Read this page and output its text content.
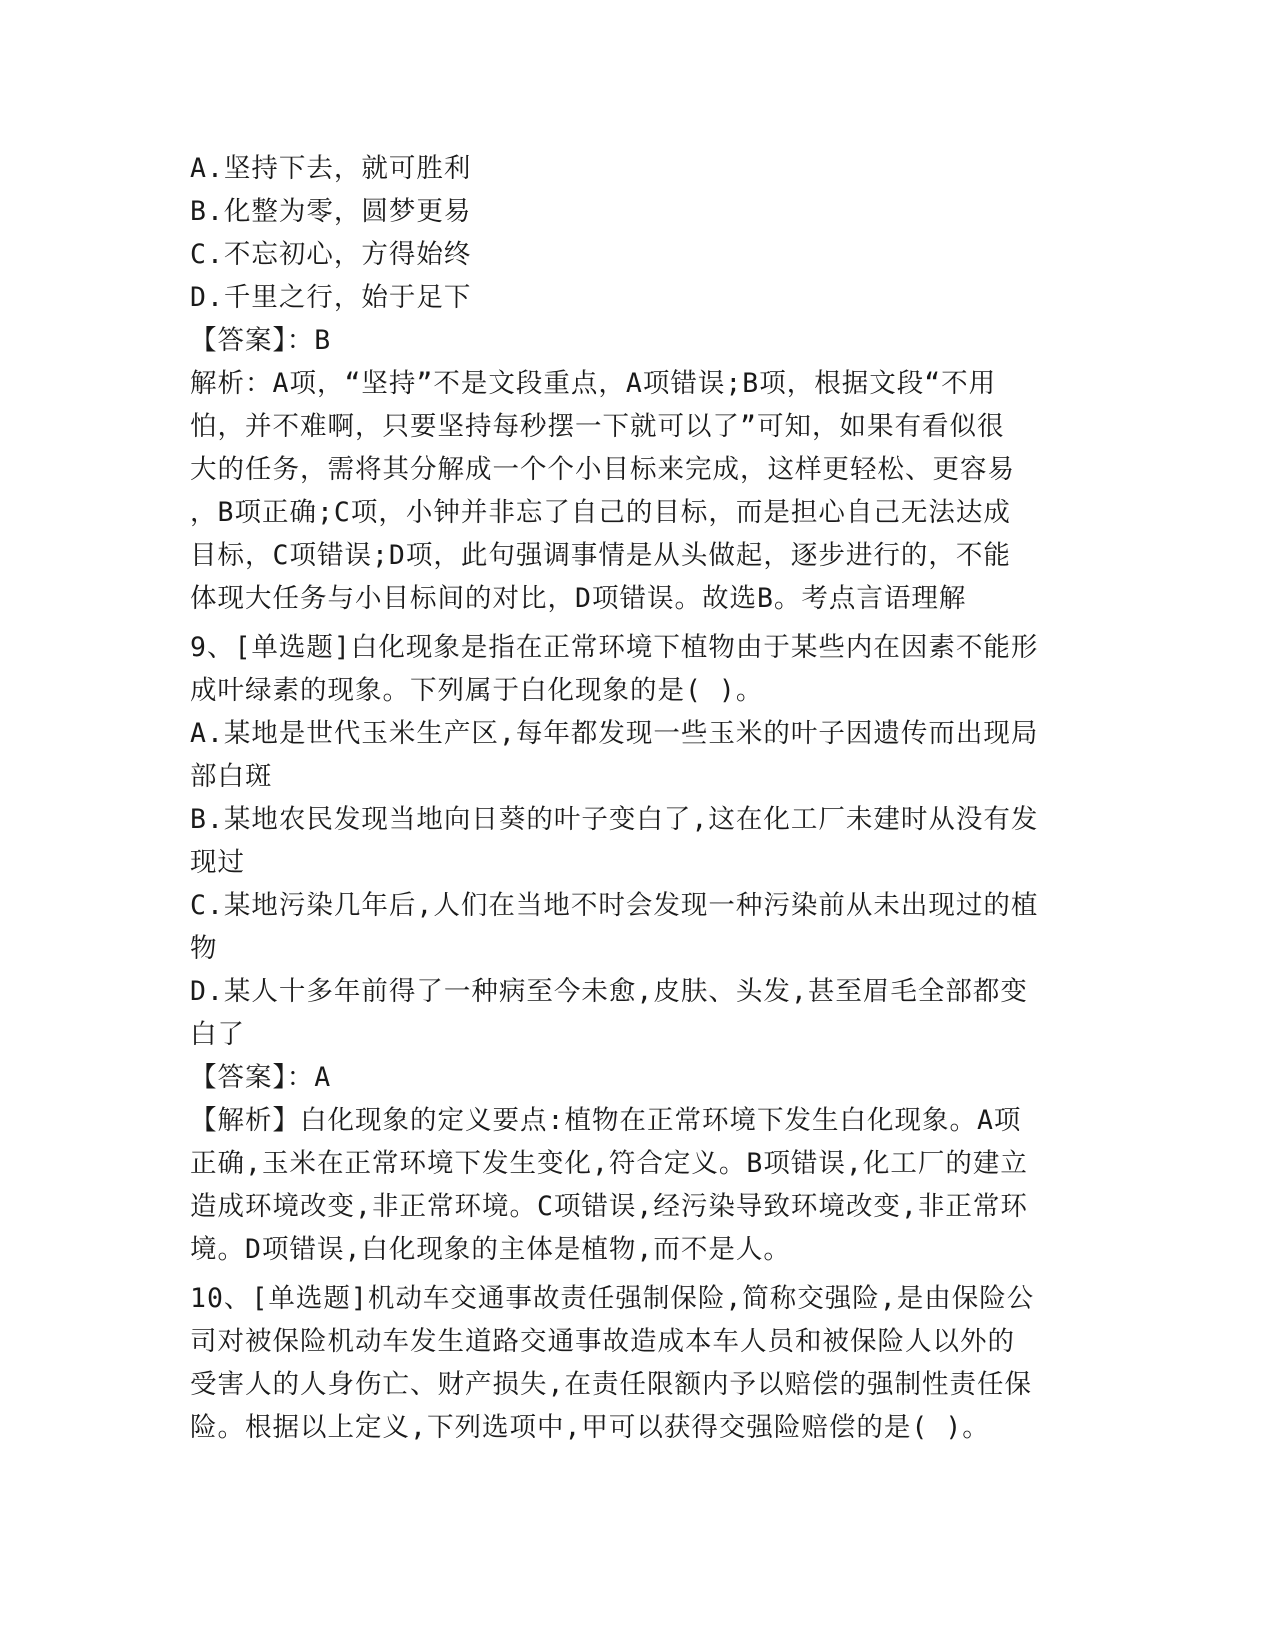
A.坚持下去，就可胜利
B.化整为零，圆梦更易
C.不忘初心，方得始终
D.千里之行，始于足下
【答案】：B
解析：A项，“坚持”不是文段重点，A项错误;B项，根据文段“不用
怕，并不难啊，只要坚持每秒摆一下就可以了”可知，如果有看似很
大的任务，需将其分解成一个个小目标来完成，这样更轻松、更容易
，B项正确;C项，小钟并非忘了自己的目标，而是担心自己无法达成
目标，C项错误;D项，此句强调事情是从头做起，逐步进行的，不能
体现大任务与小目标间的对比，D项错误。故选B。考点言语理解
9、[单选题]白化现象是指在正常环境下植物由于某些内在因素不能形
成叶绿素的现象。下列属于白化现象的是( )。
A.某地是世代玉米生产区,每年都发现一些玉米的叶子因遗传而出现局
部白斑
B.某地农民发现当地向日葵的叶子变白了,这在化工厂未建时从没有发
现过
C.某地污染几年后,人们在当地不时会发现一种污染前从未出现过的植
物
D.某人十多年前得了一种病至今未愈,皮肤、头发,甚至眉毛全部都变
白了
【答案】：A
【解析】白化现象的定义要点:植物在正常环境下发生白化现象。A项
正确,玉米在正常环境下发生变化,符合定义。B项错误,化工厂的建立
造成环境改变,非正常环境。C项错误,经污染导致环境改变,非正常环
境。D项错误,白化现象的主体是植物,而不是人。
10、[单选题]机动车交通事故责任强制保险,简称交强险,是由保险公
司对被保险机动车发生道路交通事故造成本车人员和被保险人以外的
受害人的人身伤亡、财产损失,在责任限额内予以赔偿的强制性责任保
险。根据以上定义,下列选项中,甲可以获得交强险赔偿的是( )。
